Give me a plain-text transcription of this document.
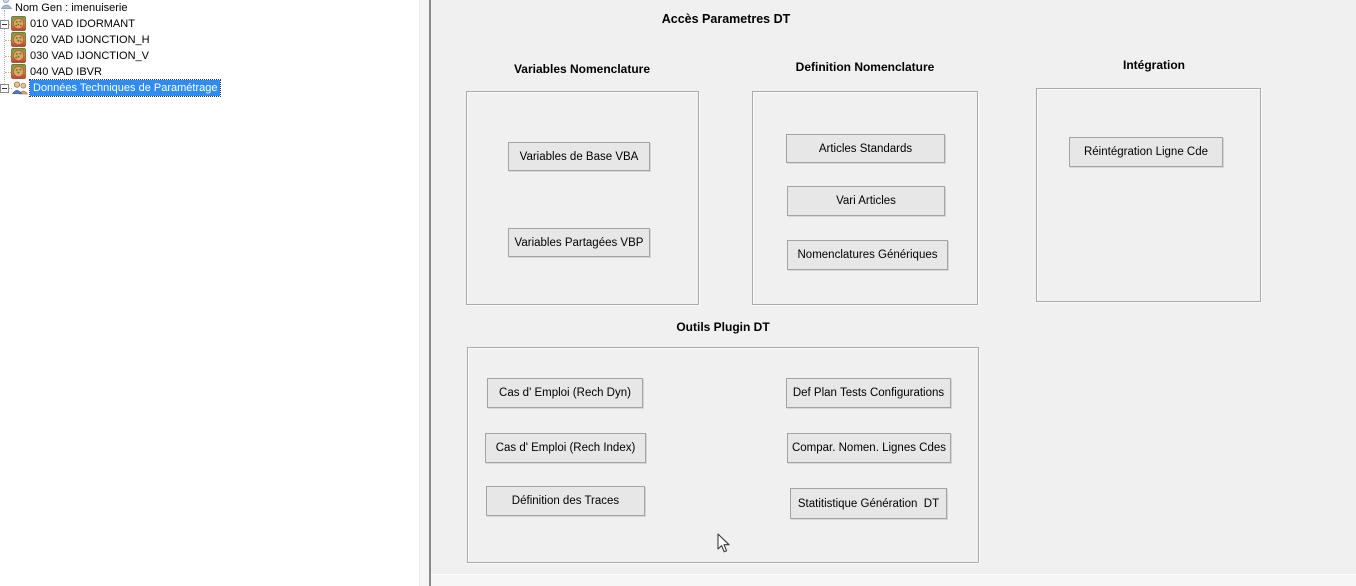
Nom Gen : imenuiserie
010 VAD IDORMANT
020 VAD IJONCTION_H
030 VAD IJONCTION_V
040 VAD IBVR
Données Techniques de Paramétrage
Accès Parametres DT
Variables Nomenclature	Definition Nomenclature	Intégration
Outils Plugin DT
Variables de Base VBA
Variables Partagées VBP
Articles Standards
Vari Articles
Nomenclatures Génériques
Réintégration Ligne Cde
Cas d' Emploi (Rech Dyn)
Cas d' Emploi (Rech Index)
Définition des Traces
Def Plan Tests Configurations
Compar. Nomen. Lignes Cdes
Statitistique Génération  DT
